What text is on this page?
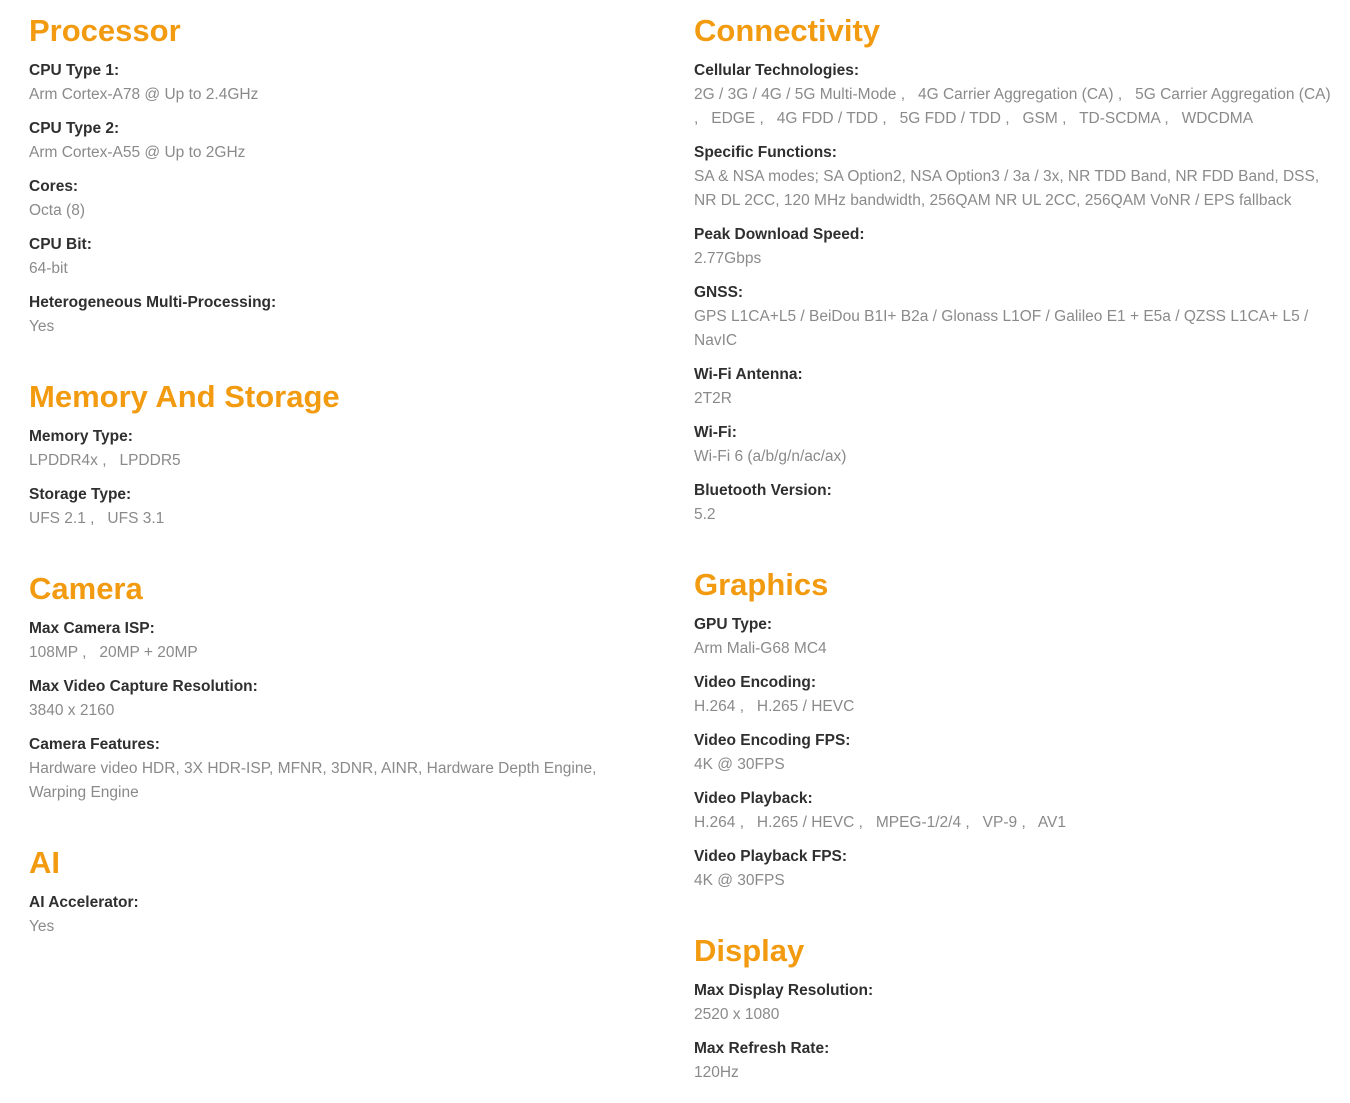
Processor
CPU Type 1:
Arm Cortex-A78 @ Up to 2.4GHz
CPU Type 2:
Arm Cortex-A55 @ Up to 2GHz
Cores:
Octa (8)
CPU Bit:
64-bit
Heterogeneous Multi-Processing:
Yes
Memory And Storage
Memory Type:
LPDDR4x ,   LPDDR5
Storage Type:
UFS 2.1 ,   UFS 3.1
Camera
Max Camera ISP:
108MP ,   20MP + 20MP
Max Video Capture Resolution:
3840 x 2160
Camera Features:
Hardware video HDR, 3X HDR-ISP, MFNR, 3DNR, AINR, Hardware Depth Engine, Warping Engine
AI
AI Accelerator:
Yes
Connectivity
Cellular Technologies:
2G / 3G / 4G / 5G Multi-Mode ,   4G Carrier Aggregation (CA) ,   5G Carrier Aggregation (CA) ,   EDGE ,   4G FDD / TDD ,   5G FDD / TDD ,   GSM ,   TD-SCDMA ,   WDCDMA
Specific Functions:
SA & NSA modes; SA Option2, NSA Option3 / 3a / 3x, NR TDD Band, NR FDD Band, DSS, NR DL 2CC, 120 MHz bandwidth, 256QAM NR UL 2CC, 256QAM VoNR / EPS fallback
Peak Download Speed:
2.77Gbps
GNSS:
GPS L1CA+L5 / BeiDou B1I+ B2a / Glonass L1OF / Galileo E1 + E5a / QZSS L1CA+ L5 / NavIC
Wi-Fi Antenna:
2T2R
Wi-Fi:
Wi-Fi 6 (a/b/g/n/ac/ax)
Bluetooth Version:
5.2
Graphics
GPU Type:
Arm Mali-G68 MC4
Video Encoding:
H.264 ,   H.265 / HEVC
Video Encoding FPS:
4K @ 30FPS
Video Playback:
H.264 ,   H.265 / HEVC ,   MPEG-1/2/4 ,   VP-9 ,   AV1
Video Playback FPS:
4K @ 30FPS
Display
Max Display Resolution:
2520 x 1080
Max Refresh Rate:
120Hz
